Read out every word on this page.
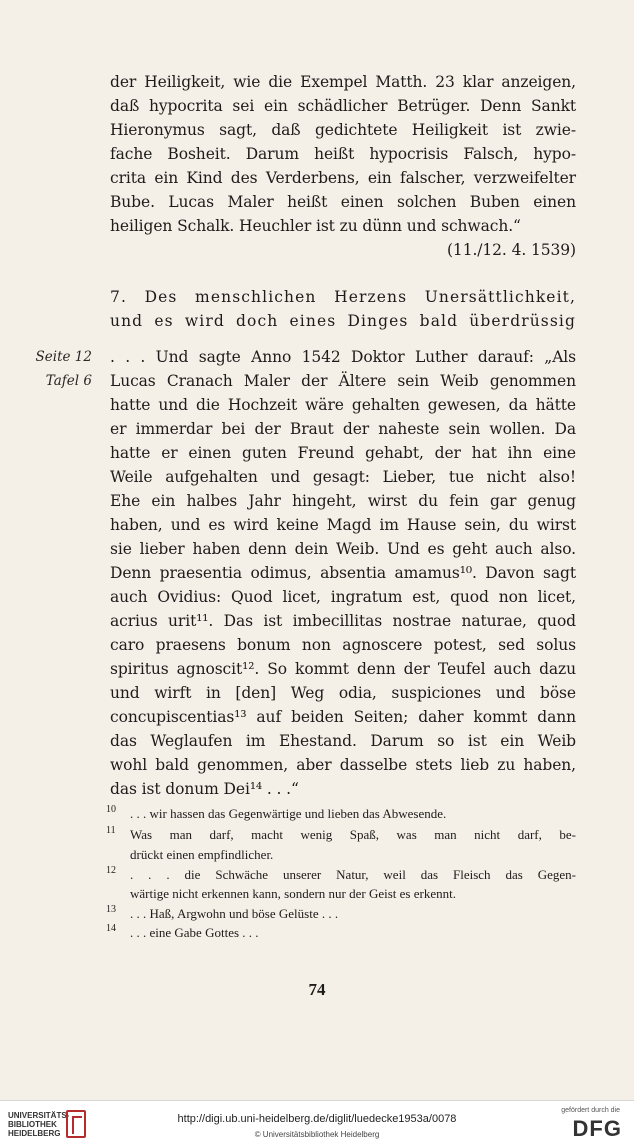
der Heiligkeit, wie die Exempel Matth. 23 klar anzeigen,
daß hypocrita sei ein schädlicher Betrüger. Denn Sankt
Hieronymus sagt, daß gedichtete Heiligkeit ist zwie-
fache Bosheit. Darum heißt hypocrisis Falsch, hypo-
crita ein Kind des Verderbens, ein falscher, verzweifelter
Bube. Lucas Maler heißt einen solchen Buben einen
heiligen Schalk. Heuchler ist zu dünn und schwach.“
(11./12. 4. 1539)
7. Des menschlichen Herzens Unersättlichkeit,
und es wird doch eines Dinges bald überdrüssig
Seite 12
Tafel 6
. . . Und sagte Anno 1542 Doktor Luther darauf: „Als
Lucas Cranach Maler der Ältere sein Weib genommen
hatte und die Hochzeit wäre gehalten gewesen, da hätte
er immerdar bei der Braut der naheste sein wollen. Da
hatte er einen guten Freund gehabt, der hat ihn eine
Weile aufgehalten und gesagt: Lieber, tue nicht also!
Ehe ein halbes Jahr hingeht, wirst du fein gar genug
haben, und es wird keine Magd im Hause sein, du wirst
sie lieber haben denn dein Weib. Und es geht auch also.
Denn praesentia odimus, absentia amamus¹⁰. Davon sagt
auch Ovidius: Quod licet, ingratum est, quod non licet,
acrius urit¹¹. Das ist imbecillitas nostrae naturae, quod
caro praesens bonum non agnoscere potest, sed solus
spiritus agnoscit¹². So kommt denn der Teufel auch dazu
und wirft in [den] Weg odia, suspiciones und böse
concupiscentias¹³ auf beiden Seiten; daher kommt dann
das Weglaufen im Ehestand. Darum so ist ein Weib
wohl bald genommen, aber dasselbe stets lieb zu haben,
das ist donum Dei¹⁴ . . .“
10 . . . wir hassen das Gegenwärtige und lieben das Abwesende.
11 Was man darf, macht wenig Spaß, was man nicht darf, be-
drückt einen empfindlicher.
12 . . . die Schwäche unserer Natur, weil das Fleisch das Gegen-
wärtige nicht erkennen kann, sondern nur der Geist es erkennt.
13 . . . Haß, Argwohn und böse Gelüste . . .
14 . . . eine Gabe Gottes . . .
74
UNIVERSITÄTS-
BIBLIOTHEK
HEIDELBERG
http://digi.ub.uni-heidelberg.de/diglit/luedecke1953a/0078
© Universitätsbibliothek Heidelberg
gefördert durch die
DFG
